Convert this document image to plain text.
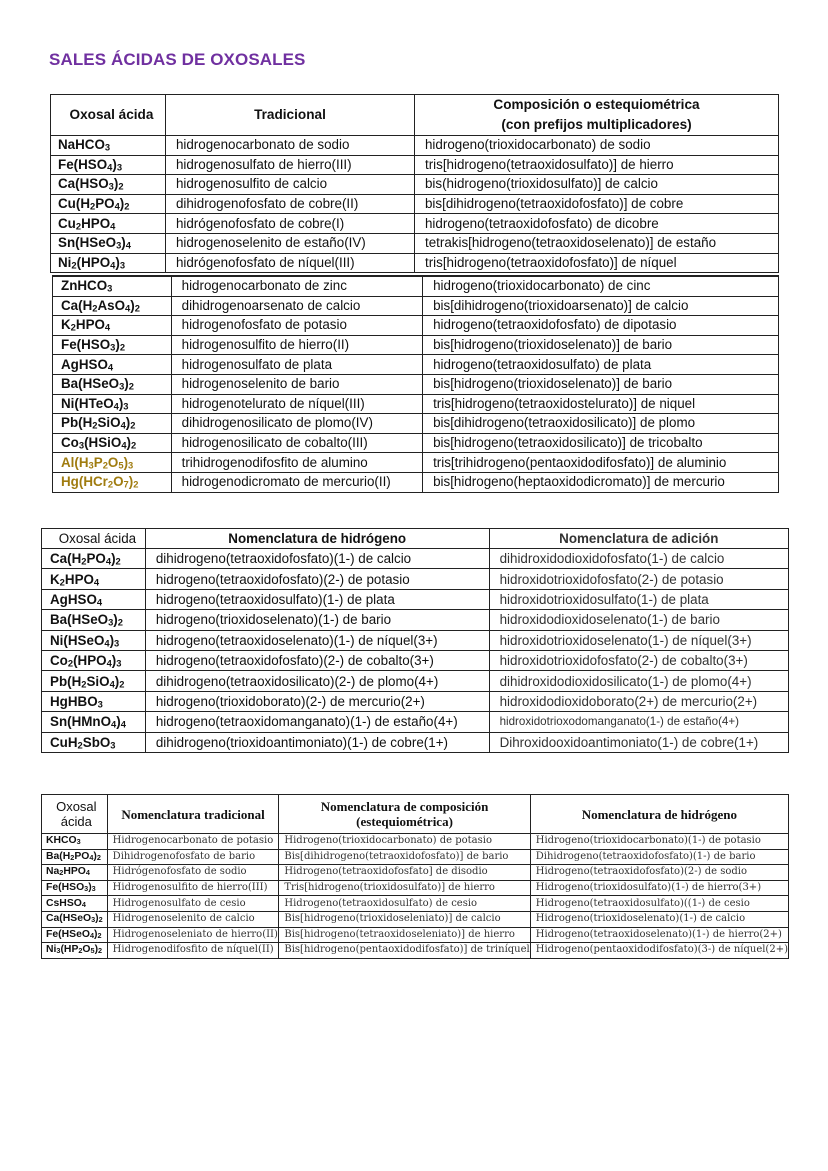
SALES ÁCIDAS DE OXOSALES
Oxosal ácida	Tradicional	Composición o estequiométrica
(con prefijos multiplicadores)

NaHCO$_3$	hidrogenocarbonato de sodio	hidrogeno(trioxidocarbonato) de sodio
$Fe(HSO_4)_3$	hidrogenosulfato de hierro(III)	tris[hidrogeno(tetraoxidosulfato)] de hierro
$Ca(HSO_3)_2$	hidrogenosulfito de calcio	bis(hidrogeno(trioxidosulfato)] de calcio
$Cu(H_2PO_4)_2$	dihidrogenofosfato de cobre(II)	bis[dihidrogeno(tetraoxidofosfato)] de cobre
$Cu_2HPO_4$	hidrógenofosfato de cobre(I)	hidrogeno(tetraoxidofosfato) de dicobre
$Sn(HSeO_3)_4$	hidrogenoselenito de estaño(IV)	tetrakis[hidrogeno(tetraoxidoselenato)] de estaño
$Ni_2(HPO_4)_3$	hidrógenofosfato de níquel(III)	tris[hidrogeno(tetraoxidofosfato)] de níquel
ZnHCO$_3$	hidrogenocarbonato de zinc	hidrogeno(trioxidocarbonato) de cinc
$Ca(H_2AsO_4)_2$	dihidrogenoarsenato de calcio	bis[dihidrogeno(trioxidoarsenato)] de calcio
$K_2HPO_4$	hidrogenofosfato de potasio	hidrogeno(tetraoxidofosfato) de dipotasio
$Fe(HSO_3)_2$	hidrogenosulfito de hierro(II)	bis[hidrogeno(trioxidoselenato)] de bario
AgHSO$_4$	hidrogenosulfato de plata	hidrogeno(tetraoxidosulfato) de plata
$Ba(HSeO_3)_2$	hidrogenoselenito de bario	bis[hidrogeno(trioxidoselenato)] de bario
$Ni(HTeO_4)_3$	hidrogenotelurato de níquel(III)	tris[hidrogeno(tetraoxidostelurato)] de niquel
$Pb(H_2SiO_4)_2$	dihidrogenosilicato de plomo(IV)	bis[dihidrogeno(tetraoxidosilicato)] de plomo
$Co_3(HSiO_4)_2$	hidrogenosilicato de cobalto(III)	bis[hidrogeno(tetraoxidosilicato)] de tricobalto
$Al(H_3P_2O_5)_3$	trihidrogenodifosfito de alumino	tris[trihidrogeno(pentaoxidodifosfato)] de aluminio
$Hg(HCr_2O_7)_2$	hidrogenodicromato de mercurio(II)	bis[hidrogeno(heptaoxidodicromato)] de mercurio
Oxosal ácida	Nomenclatura de hidrógeno	Nomenclatura de adición
$Ca(H_2PO_4)_2$	dihidrogeno(tetraoxidofosfato)(1-) de calcio	dihidroxidodioxidofosfato(1-) de calcio
$K_2HPO_4$	hidrogeno(tetraoxidofosfato)(2-) de potasio	hidroxidotrioxidofosfato(2-) de potasio
AgHSO$_4$	hidrogeno(tetraoxidosulfato)(1-) de plata	hidroxidotrioxidosulfato(1-) de plata
$Ba(HSeO_3)_2$	hidrogeno(trioxidoselenato)(1-) de bario	hidroxidodioxidoselenato(1-) de bario
$Ni(HSeO_4)_3$	hidrogeno(tetraoxidoselenato)(1-) de níquel(3+)	hidroxidotrioxidoselenato(1-) de níquel(3+)
$Co_2(HPO_4)_3$	hidrogeno(tetraoxidofosfato)(2-) de cobalto(3+)	hidroxidotrioxidofosfato(2-) de cobalto(3+)
$Pb(H_2SiO_4)_2$	dihidrogeno(tetraoxidosilicato)(2-) de plomo(4+)	dihidroxidodioxidosilicato(1-) de plomo(4+)
HgHBO$_3$	hidrogeno(trioxidoborato)(2-) de mercurio(2+)	hidroxidodioxidoborato(2+) de mercurio(2+)
$Sn(HMnO_4)_4$	hidrogeno(tetraoxidomanganato)(1-) de estaño(4+)	hidroxidotrioxodomanganato(1-) de estaño(4+)
CuH$_2$SbO$_3$	dihidrogeno(trioxidoantimoniato)(1-) de cobre(1+)	Dihroxidooxidoantimoniato(1-) de cobre(1+)
Oxosal
ácida	Nomenclatura tradicional	Nomenclatura de composición
(estequiométrica)	Nomenclatura de hidrógeno
$KHCO_3$	Hidrogenocarbonato de potasio	Hidrogeno(trioxidocarbonato) de potasio	Hidrogeno(trioxidocarbonato)(1-) de potasio
$Ba(H_2PO_4)_2$	Dihidrogenofosfato de bario	Bis[dihidrogeno(tetraoxidofosfato)] de bario	Dihidrogeno(tetraoxidofosfato)(1-) de bario
$Na_2HPO_4$	Hidrógenofosfato de sodio	Hidrogeno(tetraoxidofosfato] de disodio	Hidrogeno(tetraoxidofosfato)(2-) de sodio
$Fe(HSO_3)_3$	Hidrogenosulfito de hierro(III)	Tris[hidrogeno(trioxidosulfato)] de hierro	Hidrogeno(trioxidosulfato)(1-) de hierro(3+)
CsHSO$_4$	Hidrogenosulfato de cesio	Hidrogeno(tetraoxidosulfato) de cesio	Hidrogeno(tetraoxidosulfato)((1-) de cesio
$Ca(HSeO_3)_2$	Hidrogenoselenito de calcio	Bis[hidrogeno(trioxidoseleniato)] de calcio	Hidrogeno(trioxidoselenato)(1-) de calcio
$Fe(HSeO_4)_2$	Hidrogenoseleniato de hierro(II)	Bis[hidrogeno(tetraoxidoseleniato)] de hierro	Hidrogeno(tetraoxidoselenato)(1-) de hierro(2+)
$Ni_3(HP_2O_5)_2$	Hidrogenodifosfito de níquel(II)	Bis[hidrogeno(pentaoxidodifosfato)] de triníquel	Hidrogeno(pentaoxidodifosfato)(3-) de níquel(2+)
